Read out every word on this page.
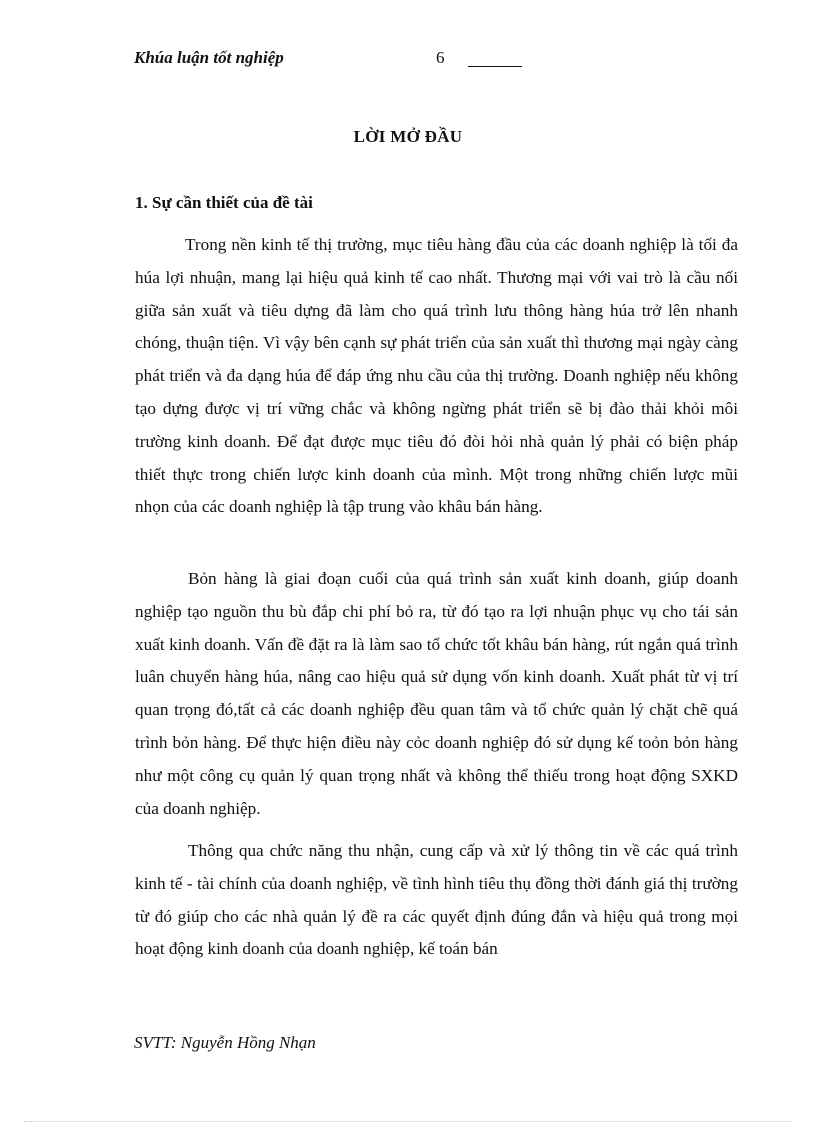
Khúa luận tốt nghiệp	6
LỜI MỞ ĐẦU
1. Sự cần thiết của đề tài

Trong nền kinh tế thị trường, mục tiêu hàng đầu của các doanh nghiệp là tối đa húa lợi nhuận, mang lại hiệu quả kinh tế cao nhất. Thương mại với vai trò là cầu nối giữa sản xuất và tiêu dựng đã làm cho quá trình lưu thông hàng húa trở lên nhanh chóng, thuận tiện. Vì vậy bên cạnh sự phát triển của sản xuất thì thương mại ngày càng phát triển và đa dạng húa để đáp ứng nhu cầu của thị trường. Doanh nghiệp nếu không tạo dựng được vị trí vững chắc và không ngừng phát triển sẽ bị đào thải khỏi môi trường kinh doanh. Để đạt được mục tiêu đó đòi hỏi nhà quản lý phải có biện pháp thiết thực trong chiến lược kinh doanh của mình. Một trong những chiến lược mũi nhọn của các doanh nghiệp là tập trung vào khâu bán hàng.

Bỏn hàng là giai đoạn cuối của quá trình sản xuất kinh doanh, giúp doanh nghiệp tạo nguồn thu bù đắp chi phí bỏ ra, từ đó tạo ra lợi nhuận phục vụ cho tái sản xuất kinh doanh. Vấn đề đặt ra là làm sao tổ chức tốt khâu bán hàng, rút ngắn quá trình luân chuyển hàng húa, nâng cao hiệu quả sử dụng vốn kinh doanh. Xuất phát từ vị trí quan trọng đó,tất cả các doanh nghiệp đều quan tâm và tổ chức quản lý chặt chẽ quá trình bỏn hàng. Để thực hiện điều này cỏc doanh nghiệp đó sử dụng kế toỏn bỏn hàng như một công cụ quản lý quan trọng nhất và không thể thiếu trong hoạt động SXKD của doanh nghiệp.

Thông qua chức năng thu nhận, cung cấp và xử lý thông tin về các quá trình kinh tế - tài chính của doanh nghiệp, về tình hình tiêu thụ đồng thời đánh giá thị trường từ đó giúp cho các nhà quản lý đề ra các quyết định đúng đắn và hiệu quả trong mọi hoạt động kinh doanh của doanh nghiệp, kế toán bán

SVTT: Nguyễn Hồng Nhạn
